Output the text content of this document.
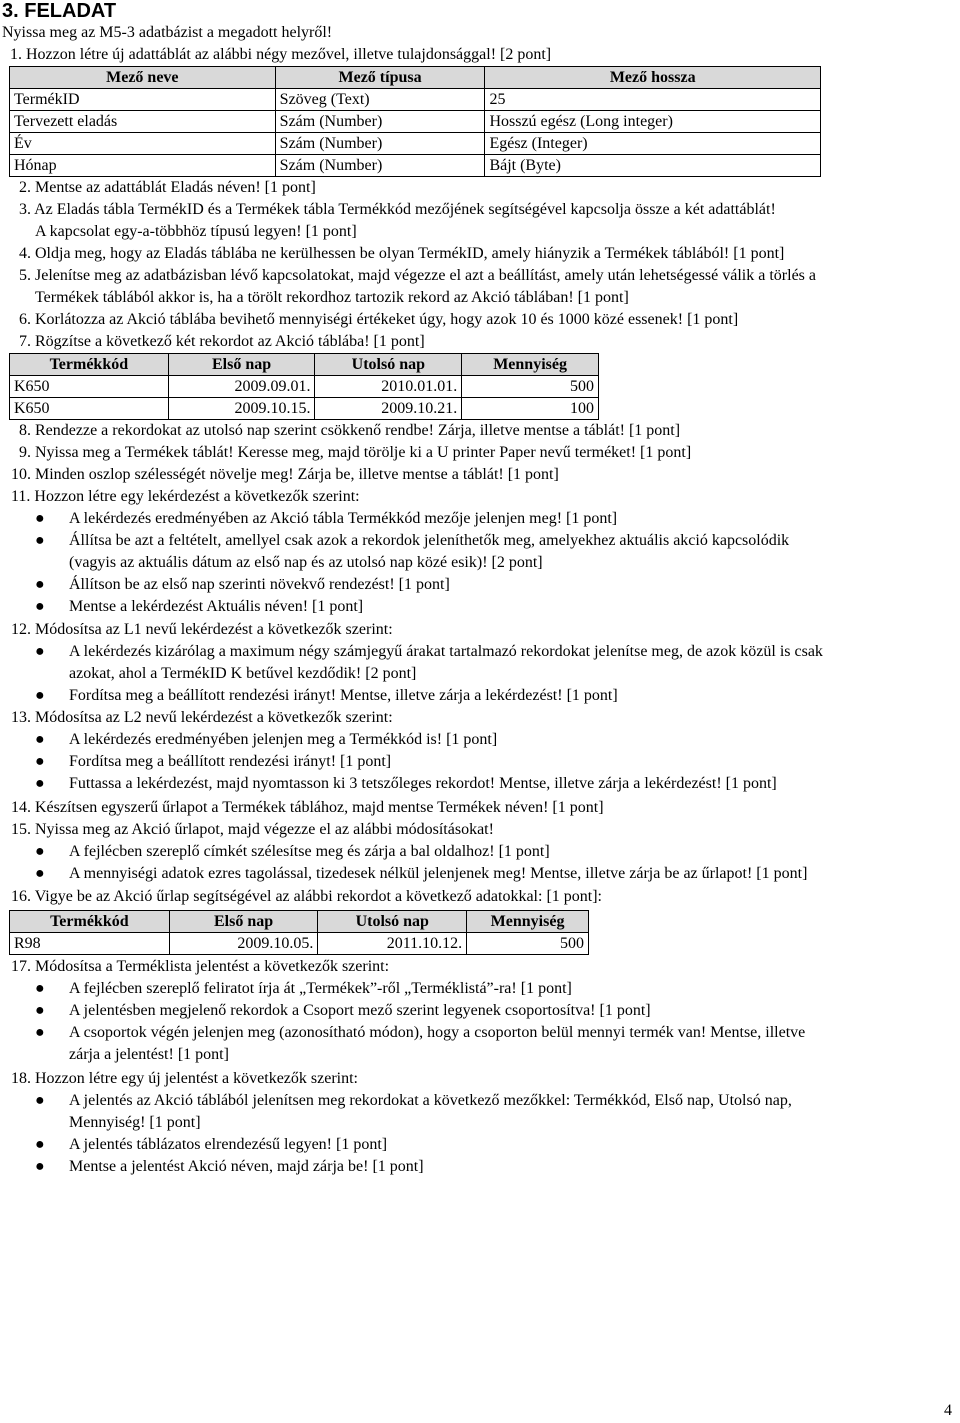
3. FELADAT
Nyissa meg az M5-3 adatbázist a megadott helyről!
1. Hozzon létre új adattáblát az alábbi négy mezővel, illetve tulajdonsággal! [2 pont]
Mező neve	Mező típusa	Mező hossza
TermékID	Szöveg (Text)	25
Tervezett eladás	Szám (Number)	Hosszú egész (Long integer)
Év	Szám (Number)	Egész (Integer)
Hónap	Szám (Number)	Bájt (Byte)
2. Mentse az adattáblát Eladás néven! [1 pont]
3. Az Eladás tábla TermékID és a Termékek tábla Termékkód mezőjének segítségével kapcsolja össze a két adattáblát!
A kapcsolat egy-a-többhöz típusú legyen! [1 pont]
4. Oldja meg, hogy az Eladás táblába ne kerülhessen be olyan TermékID, amely hiányzik a Termékek táblából! [1 pont]
5. Jelenítse meg az adatbázisban lévő kapcsolatokat, majd végezze el azt a beállítást, amely után lehetségessé válik a törlés a
Termékek táblából akkor is, ha a törölt rekordhoz tartozik rekord az Akció táblában! [1 pont]
6. Korlátozza az Akció táblába bevihető mennyiségi értékeket úgy, hogy azok 10 és 1000 közé essenek! [1 pont]
7. Rögzítse a következő két rekordot az Akció táblába! [1 pont]
Termékkód	Első nap	Utolsó nap	Mennyiség
K650	2009.09.01.	2010.01.01.	500
K650	2009.10.15.	2009.10.21.	100
8. Rendezze a rekordokat az utolsó nap szerint csökkenő rendbe! Zárja, illetve mentse a táblát! [1 pont]
9. Nyissa meg a Termékek táblát! Keresse meg, majd törölje ki a U printer Paper nevű terméket! [1 pont]
10. Minden oszlop szélességét növelje meg! Zárja be, illetve mentse a táblát! [1 pont]
11. Hozzon létre egy lekérdezést a következők szerint:
● A lekérdezés eredményében az Akció tábla Termékkód mezője jelenjen meg! [1 pont]
● Állítsa be azt a feltételt, amellyel csak azok a rekordok jeleníthetők meg, amelyekhez aktuális akció kapcsolódik
(vagyis az aktuális dátum az első nap és az utolsó nap közé esik)! [2 pont]
● Állítson be az első nap szerinti növekvő rendezést! [1 pont]
● Mentse a lekérdezést Aktuális néven! [1 pont]
12. Módosítsa az L1 nevű lekérdezést a következők szerint:
● A lekérdezés kizárólag a maximum négy számjegyű árakat tartalmazó rekordokat jelenítse meg, de azok közül is csak
azokat, ahol a TermékID K betűvel kezdődik! [2 pont]
● Fordítsa meg a beállított rendezési irányt! Mentse, illetve zárja a lekérdezést! [1 pont]
13. Módosítsa az L2 nevű lekérdezést a következők szerint:
● A lekérdezés eredményében jelenjen meg a Termékkód is! [1 pont]
● Fordítsa meg a beállított rendezési irányt! [1 pont]
● Futtassa a lekérdezést, majd nyomtasson ki 3 tetszőleges rekordot! Mentse, illetve zárja a lekérdezést! [1 pont]
14. Készítsen egyszerű űrlapot a Termékek táblához, majd mentse Termékek néven! [1 pont]
15. Nyissa meg az Akció űrlapot, majd végezze el az alábbi módosításokat!
● A fejlécben szereplő címkét szélesítse meg és zárja a bal oldalhoz! [1 pont]
● A mennyiségi adatok ezres tagolással, tizedesek nélkül jelenjenek meg! Mentse, illetve zárja be az űrlapot! [1 pont]
16. Vigye be az Akció űrlap segítségével az alábbi rekordot a következő adatokkal: [1 pont]:
Termékkód	Első nap	Utolsó nap	Mennyiség
R98	2009.10.05.	2011.10.12.	500
17. Módosítsa a Terméklista jelentést a következők szerint:
● A fejlécben szereplő feliratot írja át „Termékek”-ről „Terméklistá”-ra! [1 pont]
● A jelentésben megjelenő rekordok a Csoport mező szerint legyenek csoportosítva! [1 pont]
● A csoportok végén jelenjen meg (azonosítható módon), hogy a csoporton belül mennyi termék van! Mentse, illetve
zárja a jelentést! [1 pont]
18. Hozzon létre egy új jelentést a következők szerint:
● A jelentés az Akció táblából jelenítsen meg rekordokat a következő mezőkkel: Termékkód, Első nap, Utolsó nap,
Mennyiség! [1 pont]
● A jelentés táblázatos elrendezésű legyen! [1 pont]
● Mentse a jelentést Akció néven, majd zárja be! [1 pont]
4
